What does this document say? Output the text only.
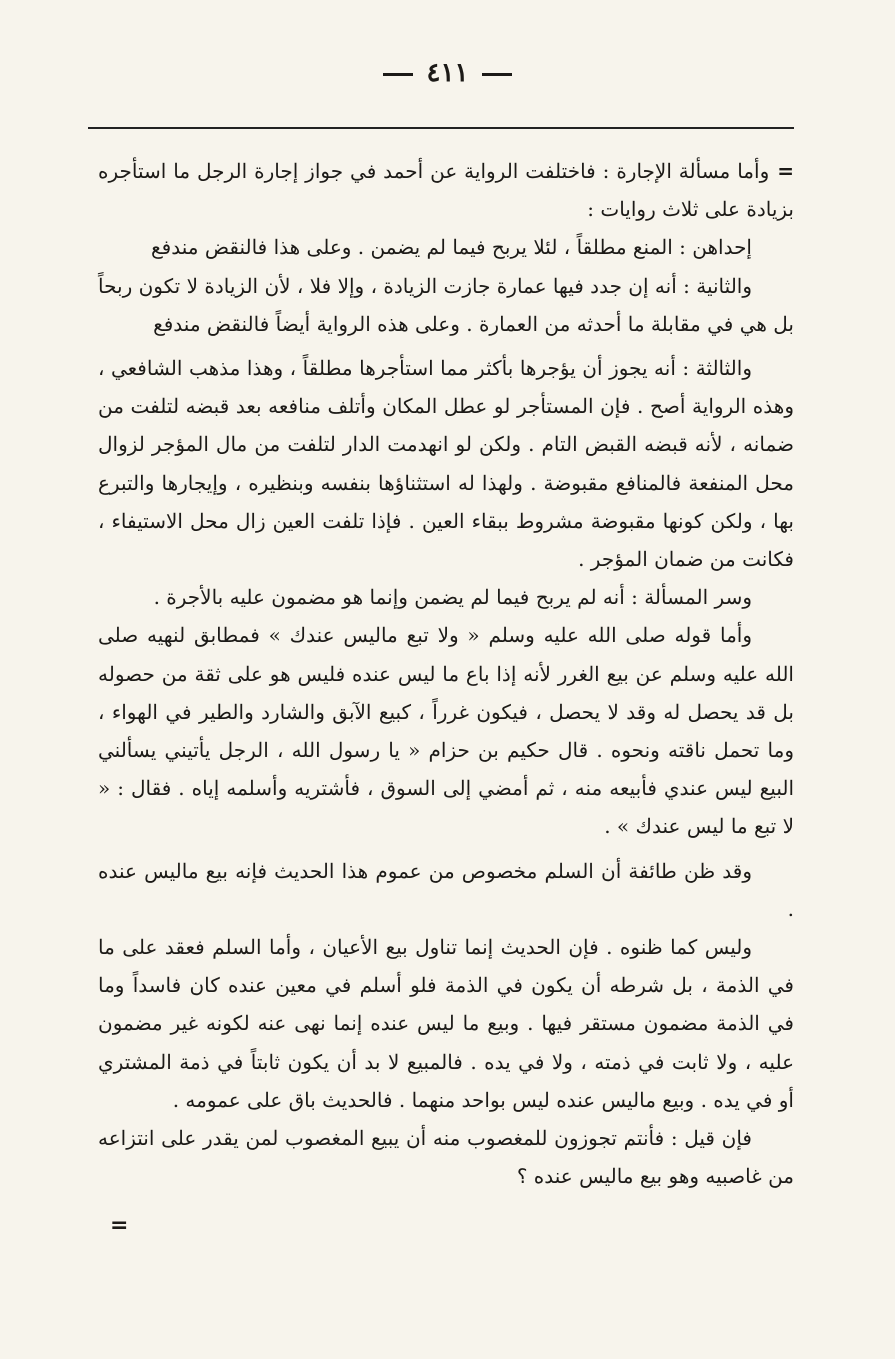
٤١١

=وأما مسألة الإجارة : فاختلفت الرواية عن أحمد في جواز إجارة الرجل ما استأجره بزيادة على ثلاث روايات :

إحداهن : المنع مطلقاً ، لئلا يربح فيما لم يضمن . وعلى هذا فالنقض مندفع

والثانية : أنه إن جدد فيها عمارة جازت الزيادة ، وإلا فلا ، لأن الزيادة لا تكون ربحاً بل هي في مقابلة ما أحدثه من العمارة . وعلى هذه الرواية أيضاً فالنقض مندفع

والثالثة : أنه يجوز أن يؤجرها بأكثر مما استأجرها مطلقاً ، وهذا مذهب الشافعي ، وهذه الرواية أصح . فإن المستأجر لو عطل المكان وأتلف منافعه بعد قبضه لتلفت من ضمانه ، لأنه قبضه القبض التام . ولكن لو انهدمت الدار لتلفت من مال المؤجر لزوال محل المنفعة فالمنافع مقبوضة . ولهذا له استثناؤها بنفسه وبنظيره ، وإيجارها والتبرع بها ، ولكن كونها مقبوضة مشروط ببقاء العين . فإذا تلفت العين زال محل الاستيفاء ، فكانت من ضمان المؤجر .

وسر المسألة : أنه لم يربح فيما لم يضمن وإنما هو مضمون عليه بالأجرة .

وأما قوله صلى الله عليه وسلم « ولا تبع ماليس عندك » فمطابق لنهيه صلى الله عليه وسلم عن بيع الغرر لأنه إذا باع ما ليس عنده فليس هو على ثقة من حصوله بل قد يحصل له وقد لا يحصل ، فيكون غرراً ، كبيع الآبق والشارد والطير في الهواء ، وما تحمل ناقته ونحوه . قال حكيم بن حزام « يا رسول الله ، الرجل يأتيني يسألني البيع ليس عندي فأبيعه منه ، ثم أمضي إلى السوق ، فأشتريه وأسلمه إياه . فقال : « لا تبع ما ليس عندك » .

وقد ظن طائفة أن السلم مخصوص من عموم هذا الحديث فإنه بيع ماليس عنده .

وليس كما ظنوه . فإن الحديث إنما تناول بيع الأعيان ، وأما السلم فعقد على ما في الذمة ، بل شرطه أن يكون في الذمة فلو أسلم في معين عنده كان فاسداً وما في الذمة مضمون مستقر فيها . وبيع ما ليس عنده إنما نهى عنه لكونه غير مضمون عليه ، ولا ثابت في ذمته ، ولا في يده . فالمبيع لا بد أن يكون ثابتاً في ذمة المشتري أو في يده . وبيع ماليس عنده ليس بواحد منهما . فالحديث باق على عمومه .

فإن قيل : فأنتم تجوزون للمغصوب منه أن يبيع المغصوب لمن يقدر على انتزاعه من غاصبيه وهو بيع ماليس عنده ؟

=
